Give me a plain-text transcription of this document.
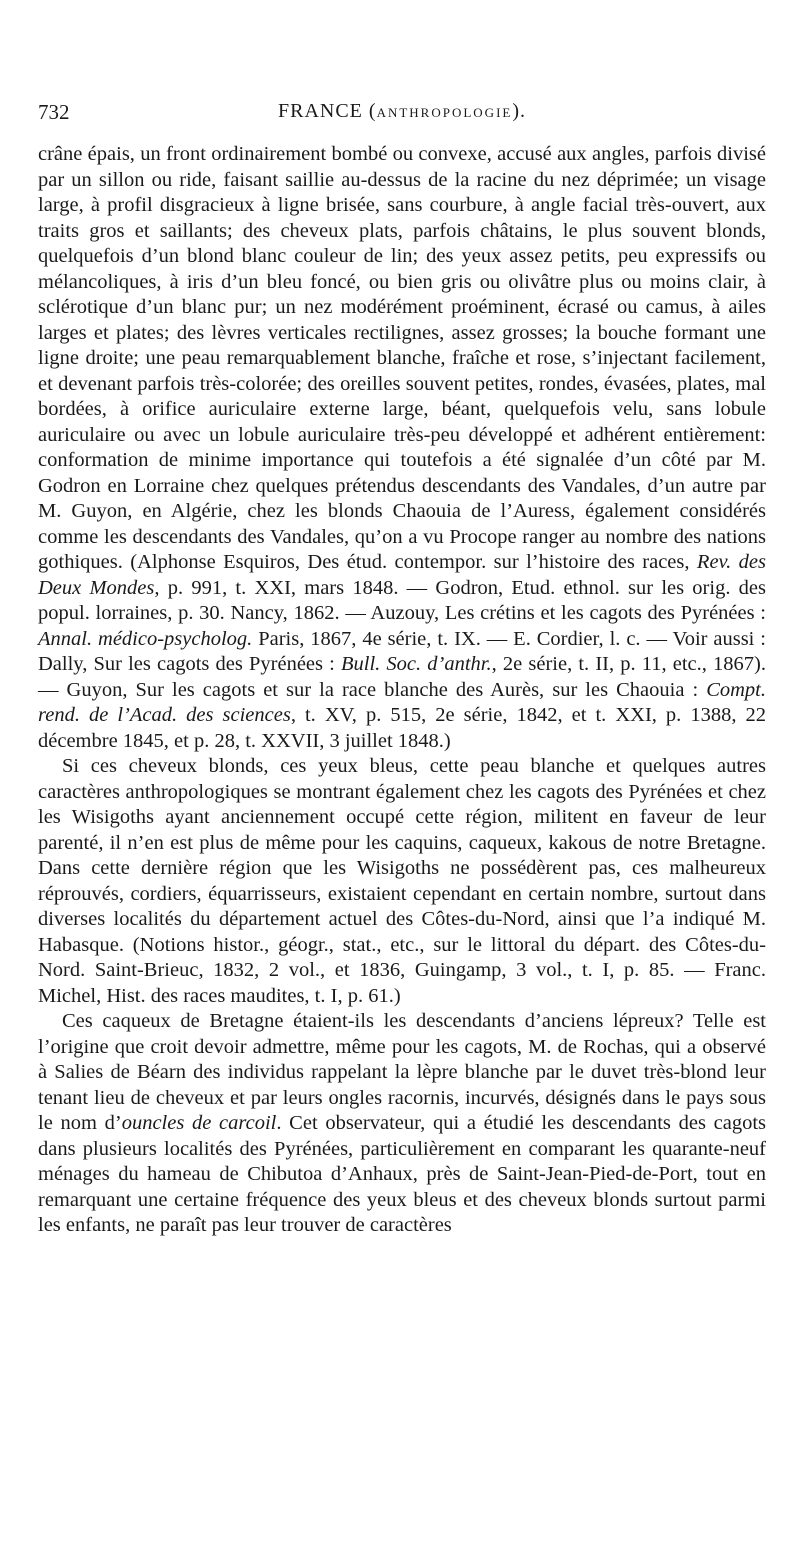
732	FRANCE (ANTHROPOLOGIE).

crâne épais, un front ordinairement bombé ou convexe, accusé aux angles, parfois divisé par un sillon ou ride, faisant saillie au-dessus de la racine du nez déprimée; un visage large, à profil disgracieux à ligne brisée, sans courbure, à angle facial très-ouvert, aux traits gros et saillants; des cheveux plats, parfois châtains, le plus souvent blonds, quelquefois d’un blond blanc couleur de lin; des yeux assez petits, peu expressifs ou mélancoliques, à iris d’un bleu foncé, ou bien gris ou olivâtre plus ou moins clair, à sclérotique d’un blanc pur; un nez modérément proéminent, écrasé ou camus, à ailes larges et plates; des lèvres verticales rectilignes, assez grosses; la bouche formant une ligne droite; une peau remarquablement blanche, fraîche et rose, s’injectant facilement, et devenant parfois très-colorée; des oreilles souvent petites, rondes, évasées, plates, mal bordées, à orifice auriculaire externe large, béant, quelquefois velu, sans lobule auriculaire ou avec un lobule auriculaire très-peu développé et adhérent entièrement: conformation de minime importance qui toutefois a été signalée d’un côté par M. Godron en Lorraine chez quelques prétendus descendants des Vandales, d’un autre par M. Guyon, en Algérie, chez les blonds Chaouia de l’Auress, également considérés comme les descendants des Vandales, qu’on a vu Procope ranger au nombre des nations gothiques. (Alphonse Esquiros, Des étud. contempor. sur l’histoire des races, Rev. des Deux Mondes, p. 991, t. XXI, mars 1848. — Godron, Etud. ethnol. sur les orig. des popul. lorraines, p. 30. Nancy, 1862. — Auzouy, Les crétins et les cagots des Pyrénées : Annal. médico-psycholog. Paris, 1867, 4e série, t. IX. — E. Cordier, l. c. — Voir aussi : Dally, Sur les cagots des Pyrénées : Bull. Soc. d’anthr., 2e série, t. II, p. 11, etc., 1867). — Guyon, Sur les cagots et sur la race blanche des Aurès, sur les Chaouia : Compt. rend. de l’Acad. des sciences, t. XV, p. 515, 2e série, 1842, et t. XXI, p. 1388, 22 décembre 1845, et p. 28, t. XXVII, 3 juillet 1848.)

Si ces cheveux blonds, ces yeux bleus, cette peau blanche et quelques autres caractères anthropologiques se montrant également chez les cagots des Pyrénées et chez les Wisigoths ayant anciennement occupé cette région, militent en faveur de leur parenté, il n’en est plus de même pour les caquins, caqueux, kakous de notre Bretagne. Dans cette dernière région que les Wisigoths ne possédèrent pas, ces malheureux réprouvés, cordiers, équarrisseurs, existaient cependant en certain nombre, surtout dans diverses localités du département actuel des Côtes-du-Nord, ainsi que l’a indiqué M. Habasque. (Notions histor., géogr., stat., etc., sur le littoral du départ. des Côtes-du-Nord. Saint-Brieuc, 1832, 2 vol., et 1836, Guingamp, 3 vol., t. I, p. 85. — Franc. Michel, Hist. des races maudites, t. I, p. 61.)

Ces caqueux de Bretagne étaient-ils les descendants d’anciens lépreux? Telle est l’origine que croit devoir admettre, même pour les cagots, M. de Rochas, qui a observé à Salies de Béarn des individus rappelant la lèpre blanche par le duvet très-blond leur tenant lieu de cheveux et par leurs ongles racornis, incurvés, désignés dans le pays sous le nom d’ouncles de carcoil. Cet observateur, qui a étudié les descendants des cagots dans plusieurs localités des Pyrénées, particulièrement en comparant les quarante-neuf ménages du hameau de Chibutoa d’Anhaux, près de Saint-Jean-Pied-de-Port, tout en remarquant une certaine fréquence des yeux bleus et des cheveux blonds surtout parmi les enfants, ne paraît pas leur trouver de caractères
